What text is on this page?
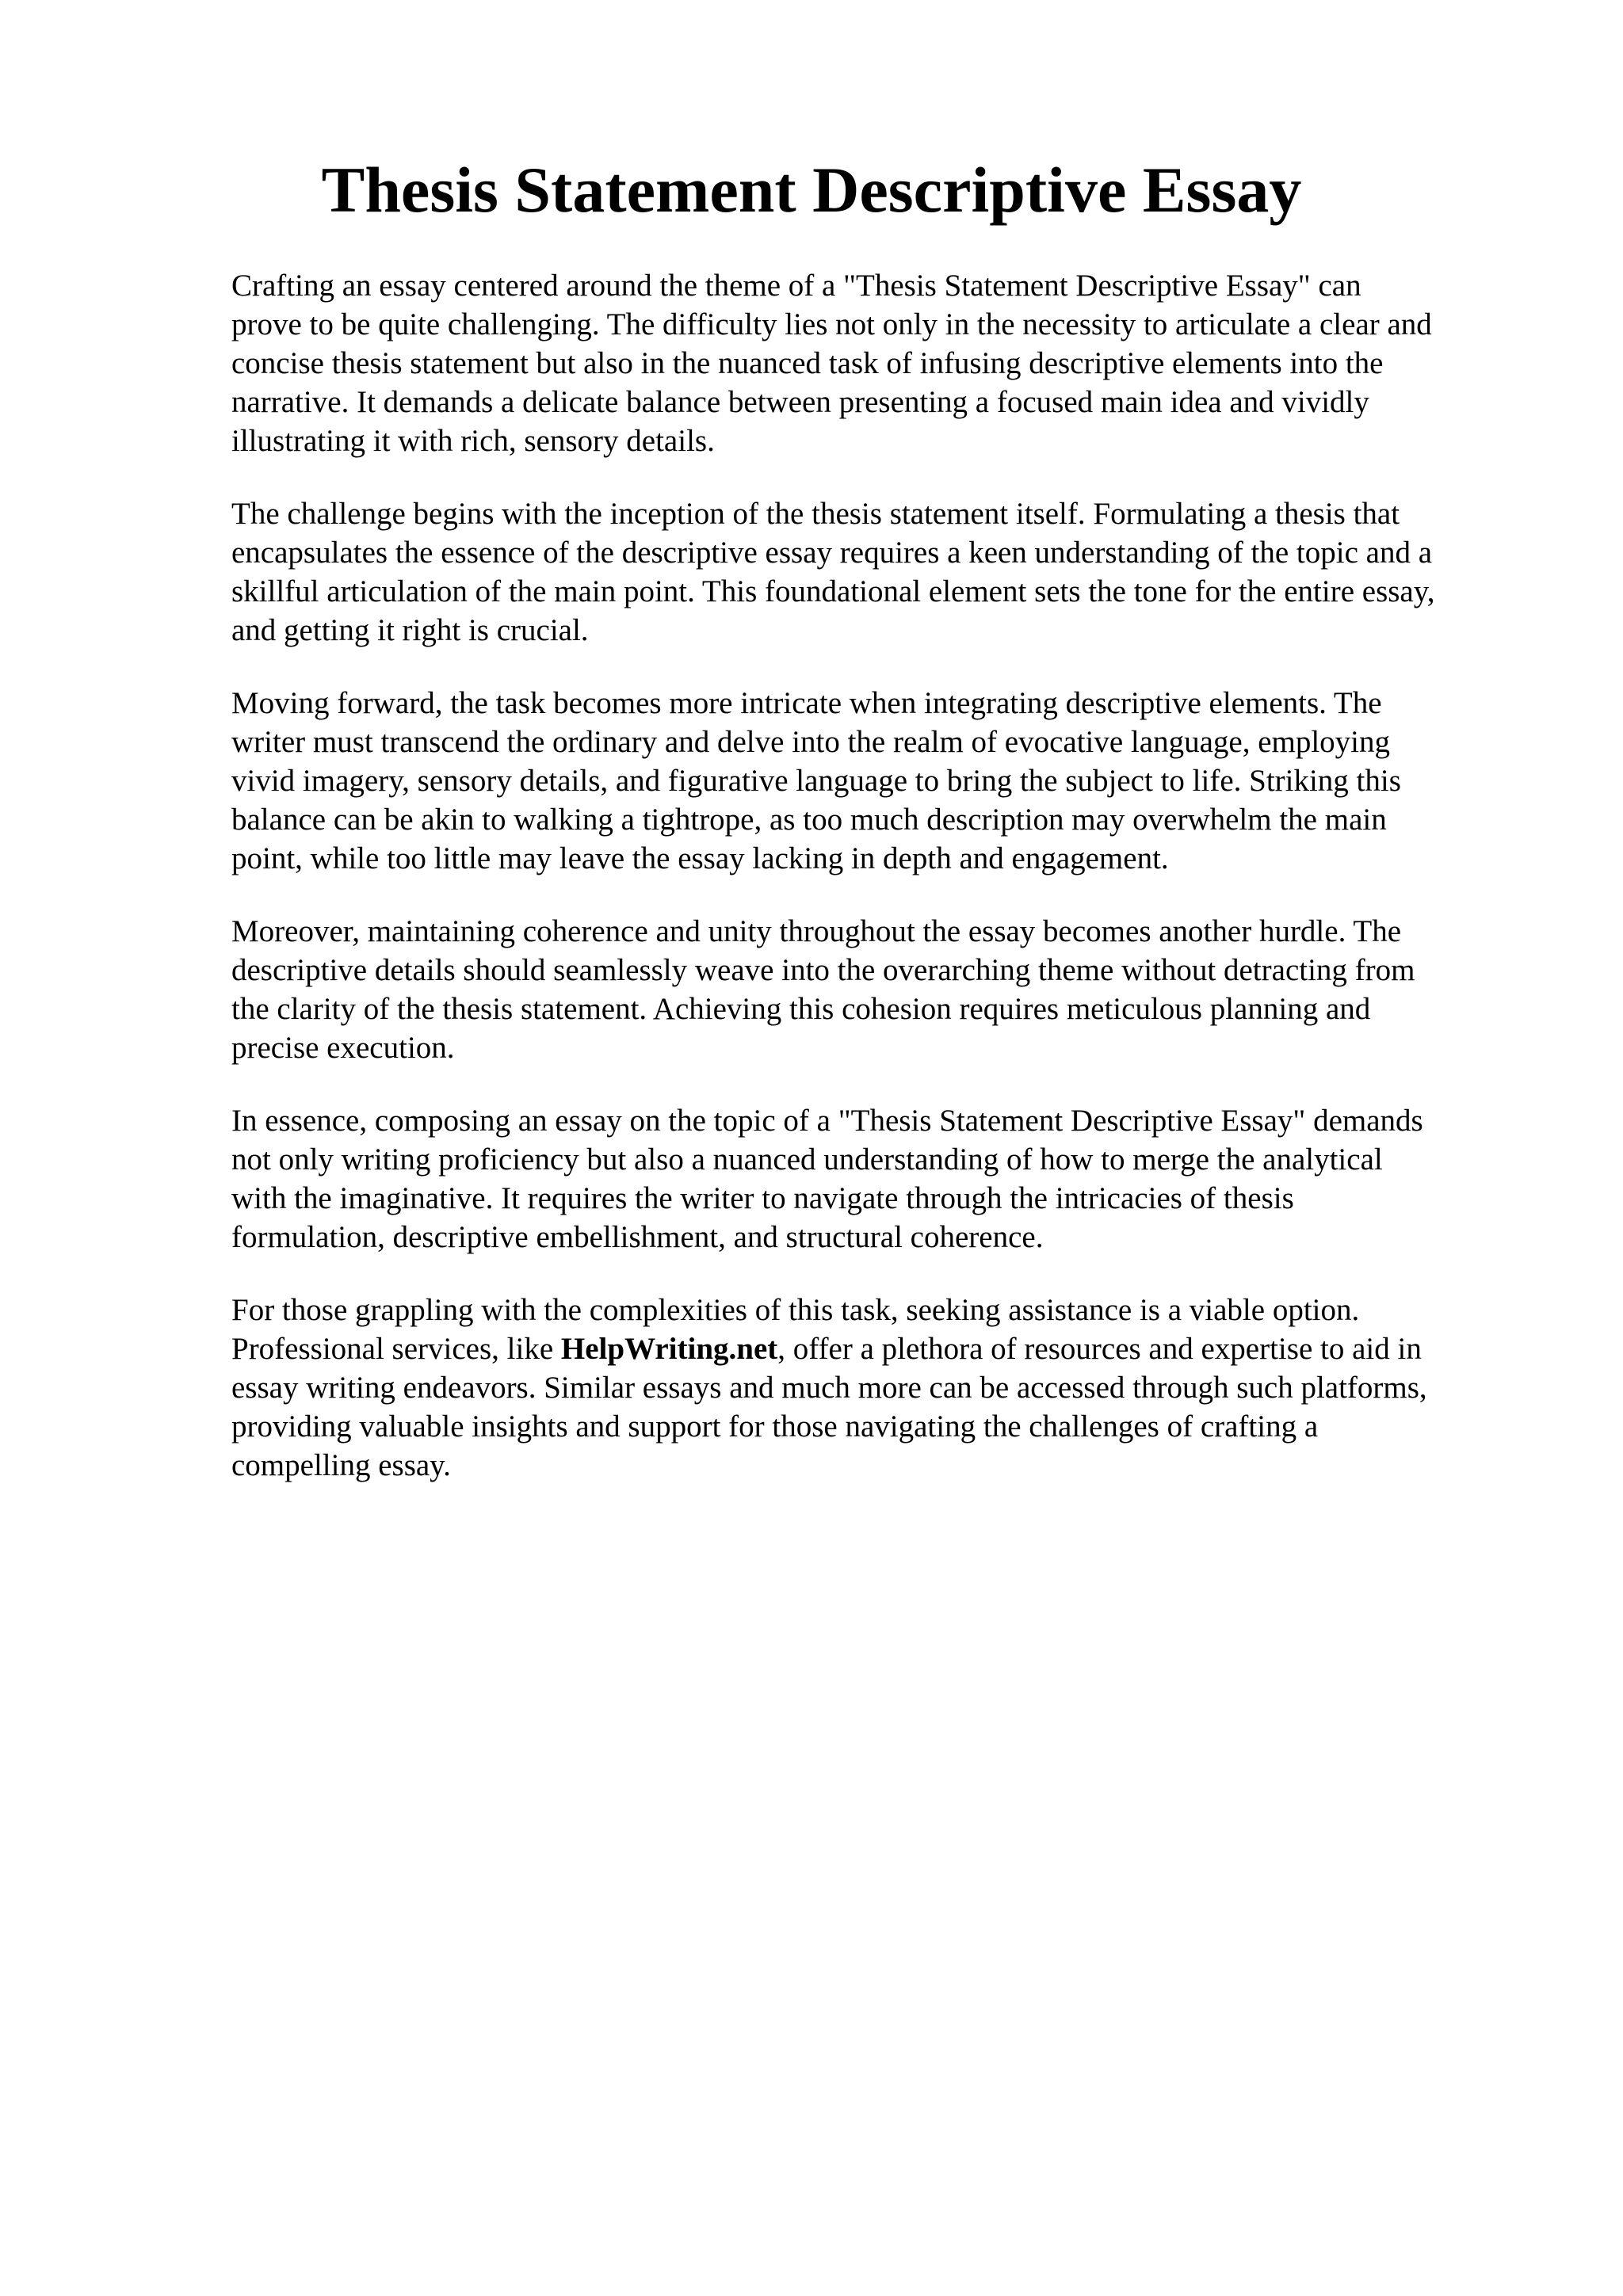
Thesis Statement Descriptive Essay

Crafting an essay centered around the theme of a "Thesis Statement Descriptive Essay" can
prove to be quite challenging. The difficulty lies not only in the necessity to articulate a clear and
concise thesis statement but also in the nuanced task of infusing descriptive elements into the
narrative. It demands a delicate balance between presenting a focused main idea and vividly
illustrating it with rich, sensory details.

The challenge begins with the inception of the thesis statement itself. Formulating a thesis that
encapsulates the essence of the descriptive essay requires a keen understanding of the topic and a
skillful articulation of the main point. This foundational element sets the tone for the entire essay,
and getting it right is crucial.

Moving forward, the task becomes more intricate when integrating descriptive elements. The
writer must transcend the ordinary and delve into the realm of evocative language, employing
vivid imagery, sensory details, and figurative language to bring the subject to life. Striking this
balance can be akin to walking a tightrope, as too much description may overwhelm the main
point, while too little may leave the essay lacking in depth and engagement.

Moreover, maintaining coherence and unity throughout the essay becomes another hurdle. The
descriptive details should seamlessly weave into the overarching theme without detracting from
the clarity of the thesis statement. Achieving this cohesion requires meticulous planning and
precise execution.

In essence, composing an essay on the topic of a "Thesis Statement Descriptive Essay" demands
not only writing proficiency but also a nuanced understanding of how to merge the analytical
with the imaginative. It requires the writer to navigate through the intricacies of thesis
formulation, descriptive embellishment, and structural coherence.

For those grappling with the complexities of this task, seeking assistance is a viable option.
Professional services, like HelpWriting.net, offer a plethora of resources and expertise to aid in
essay writing endeavors. Similar essays and much more can be accessed through such platforms,
providing valuable insights and support for those navigating the challenges of crafting a
compelling essay.
